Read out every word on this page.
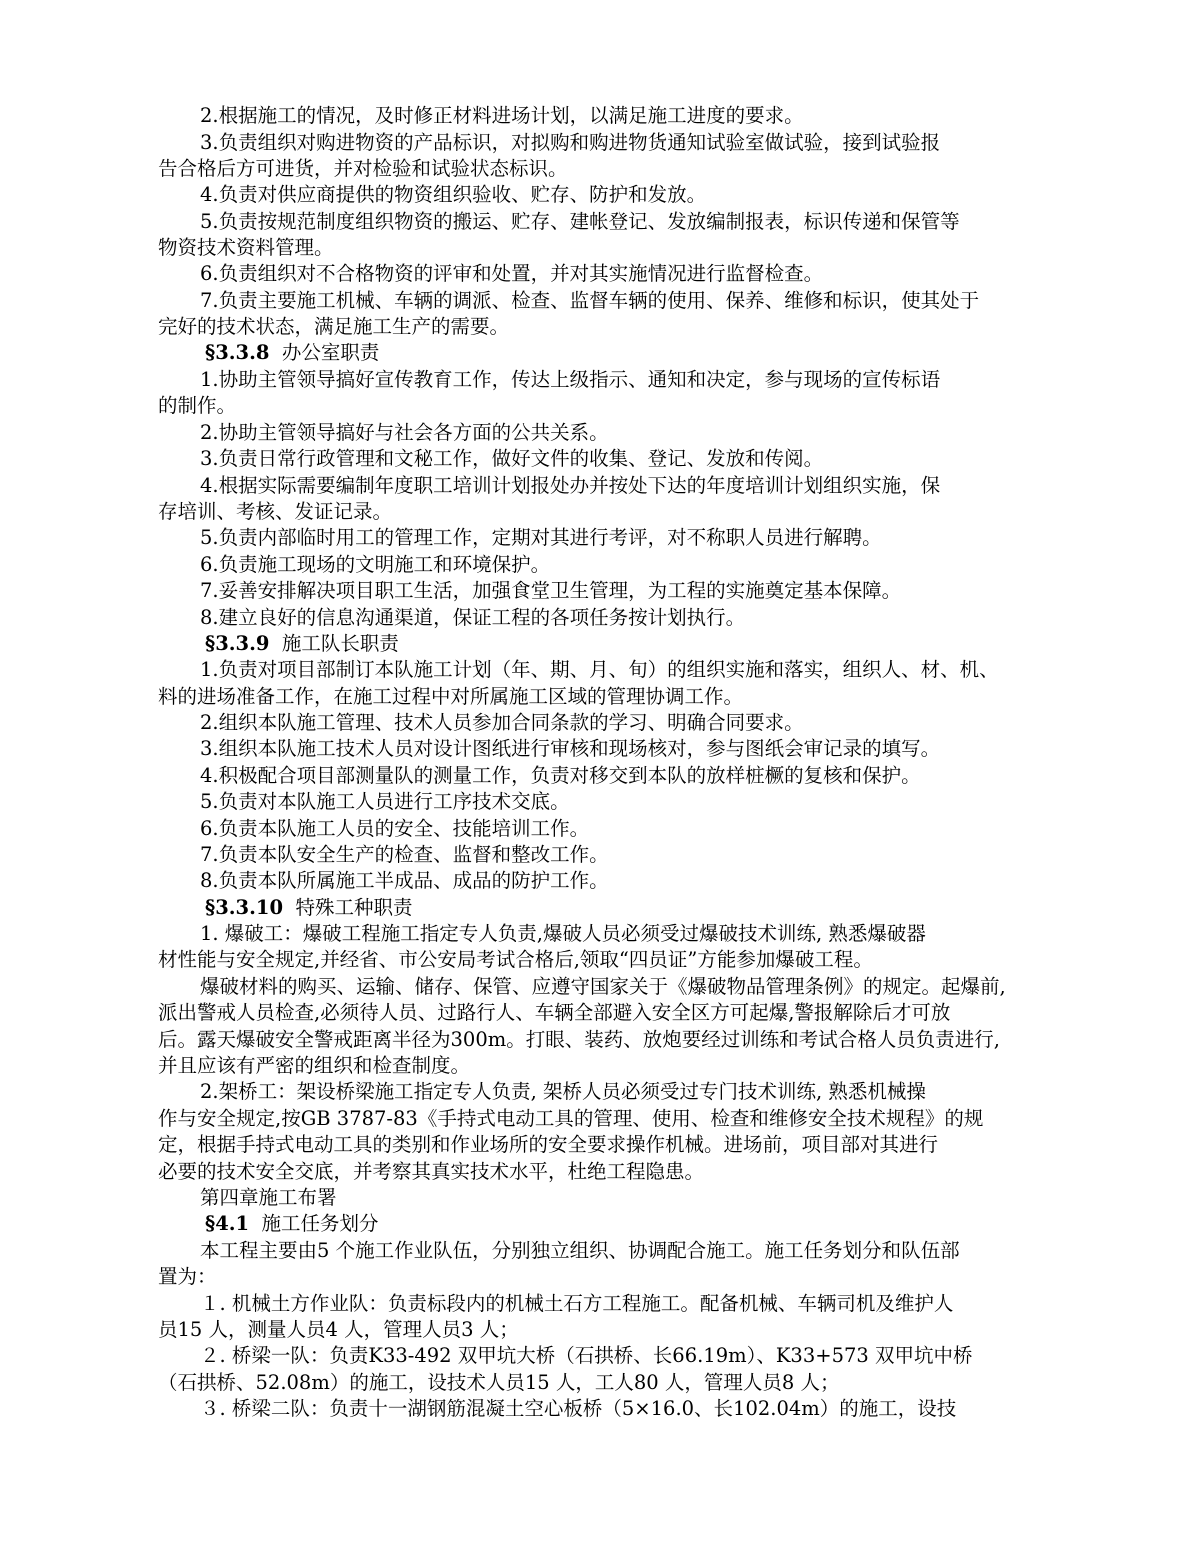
2.根据施工的情况，及时修正材料进场计划，以满足施工进度的要求。
3.负责组织对购进物资的产品标识，对拟购和购进物货通知试验室做试验，接到试验报
告合格后方可进货，并对检验和试验状态标识。
4.负责对供应商提供的物资组织验收、贮存、防护和发放。
5.负责按规范制度组织物资的搬运、贮存、建帐登记、发放编制报表，标识传递和保管等
物资技术资料管理。
6.负责组织对不合格物资的评审和处置，并对其实施情况进行监督检查。
7.负责主要施工机械、车辆的调派、检查、监督车辆的使用、保养、维修和标识，使其处于
完好的技术状态，满足施工生产的需要。
§3.3.8 办公室职责
1.协助主管领导搞好宣传教育工作，传达上级指示、通知和决定，参与现场的宣传标语
的制作。
2.协助主管领导搞好与社会各方面的公共关系。
3.负责日常行政管理和文秘工作，做好文件的收集、登记、发放和传阅。
4.根据实际需要编制年度职工培训计划报处办并按处下达的年度培训计划组织实施，保
存培训、考核、发证记录。
5.负责内部临时用工的管理工作，定期对其进行考评，对不称职人员进行解聘。
6.负责施工现场的文明施工和环境保护。
7.妥善安排解决项目职工生活，加强食堂卫生管理，为工程的实施奠定基本保障。
8.建立良好的信息沟通渠道，保证工程的各项任务按计划执行。
§3.3.9 施工队长职责
1.负责对项目部制订本队施工计划（年、期、月、旬）的组织实施和落实，组织人、材、机、
料的进场准备工作，在施工过程中对所属施工区域的管理协调工作。
2.组织本队施工管理、技术人员参加合同条款的学习、明确合同要求。
3.组织本队施工技术人员对设计图纸进行审核和现场核对，参与图纸会审记录的填写。
4.积极配合项目部测量队的测量工作，负责对移交到本队的放样桩橛的复核和保护。
5.负责对本队施工人员进行工序技术交底。
6.负责本队施工人员的安全、技能培训工作。
7.负责本队安全生产的检查、监督和整改工作。
8.负责本队所属施工半成品、成品的防护工作。
§3.3.10 特殊工种职责
1. 爆破工：爆破工程施工指定专人负责,爆破人员必须受过爆破技术训练, 熟悉爆破器
材性能与安全规定,并经省、市公安局考试合格后,领取“四员证”方能参加爆破工程。
爆破材料的购买、运输、储存、保管、应遵守国家关于《爆破物品管理条例》的规定。起爆前,
派出警戒人员检查,必须待人员、过路行人、车辆全部避入安全区方可起爆,警报解除后才可放
后。露天爆破安全警戒距离半径为300m。打眼、装药、放炮要经过训练和考试合格人员负责进行,
并且应该有严密的组织和检查制度。
2.架桥工：架设桥梁施工指定专人负责, 架桥人员必须受过专门技术训练, 熟悉机械操
作与安全规定,按GB 3787-83《手持式电动工具的管理、使用、检查和维修安全技术规程》的规
定，根据手持式电动工具的类别和作业场所的安全要求操作机械。进场前，项目部对其进行
必要的技术安全交底，并考察其真实技术水平，杜绝工程隐患。
第四章施工布署
§4.1 施工任务划分
本工程主要由5 个施工作业队伍，分别独立组织、协调配合施工。施工任务划分和队伍部
置为：
１. 机械土方作业队：负责标段内的机械土石方工程施工。配备机械、车辆司机及维护人
员15 人，测量人员4 人，管理人员3 人；
２. 桥梁一队：负责K33-492 双甲坑大桥（石拱桥、长66.19m）、K33+573 双甲坑中桥
（石拱桥、52.08m）的施工，设技术人员15 人，工人80 人，管理人员8 人；
３. 桥梁二队：负责十一湖钢筋混凝土空心板桥（5×16.0、长102.04m）的施工，设技
